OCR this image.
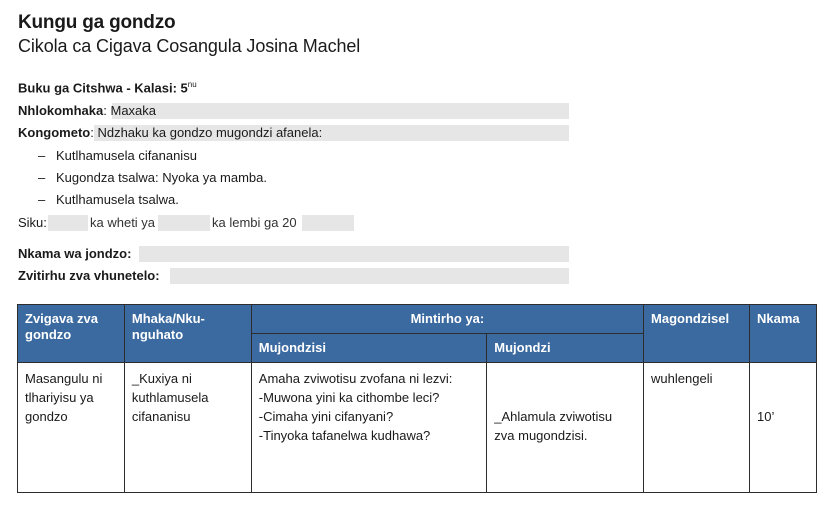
Kungu ga gondzo
Cikola ca Cigava Cosangula Josina Machel
Buku ga Citshwa - Kalasi: $5^{nu}$
Nhlokomhaka: Maxaka
Kongometo: Ndzhaku ka gondzo mugondzi afanela:
– Kutlhamusela cifananisu
– Kugondza tsalwa: Nyoka ya mamba.
– Kutlhamusela tsalwa.
Siku:	ka wheti ya	ka lembi ga 20
Nkama wa jondzo:
Zvitirhu zva vhunetelo:
Zvigava zva gondzo	Mhaka/Nku-nguhato	Mintirho ya:		Magondzisel	Nkama
		Mujondzisi	Mujondzi		

Masangulu ni
tlhariyisu ya
gondzo	_Kuxiya ni
kuthlamusela
cifananisu	Amaha zviwotisu zvofana ni lezvi:
-Muwona yini ka cithombe leci?
-Cimaha yini cifanyani?
-Tinyoka tafanelwa kudhawa?	_Ahlamula zviwotisu
zva mugondzisi.	wuhlengeli	10’
